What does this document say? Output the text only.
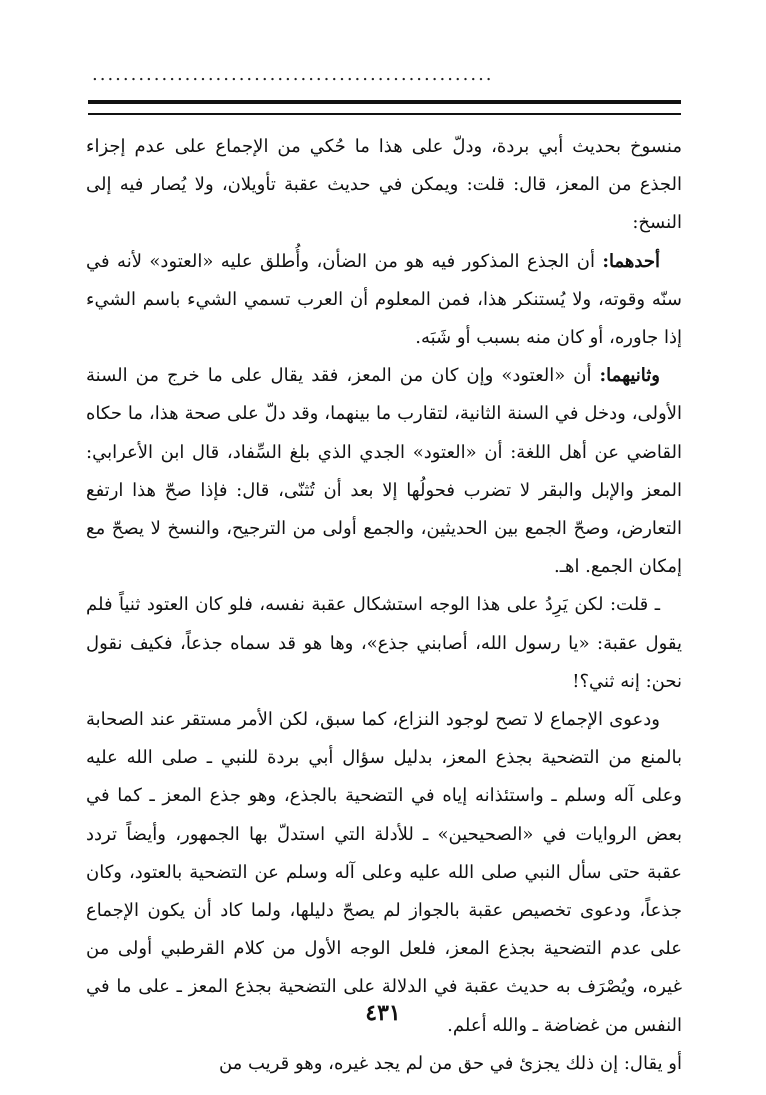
....................................................

منسوخ بحديث أبي بردة، ودلّ على هذا ما حُكي من الإجماع على عدم إجزاء الجذع من المعز، قال: قلت: ويمكن في حديث عقبة تأويلان، ولا يُصار فيه إلى النسخ:

أحدهما: أن الجذع المذكور فيه هو من الضأن، وأُطلق عليه «العتود» لأنه في سنّه وقوته، ولا يُستنكر هذا، فمن المعلوم أن العرب تسمي الشيء باسم الشيء إذا جاوره، أو كان منه بسبب أو شَبَه.

وثانيهما: أن «العتود» وإن كان من المعز، فقد يقال على ما خرج من السنة الأولى، ودخل في السنة الثانية، لتقارب ما بينهما، وقد دلّ على صحة هذا، ما حكاه القاضي عن أهل اللغة: أن «العتود» الجدي الذي بلغ السِّفاد، قال ابن الأعرابي: المعز والإبل والبقر لا تضرب فحولُها إلا بعد أن تُثنّى، قال: فإذا صحّ هذا ارتفع التعارض، وصحّ الجمع بين الحديثين، والجمع أولى من الترجيح، والنسخ لا يصحّ مع إمكان الجمع. اهـ.

ـ قلت: لكن يَرِدُ على هذا الوجه استشكال عقبة نفسه، فلو كان العتود ثنياً فلم يقول عقبة: «يا رسول الله، أصابني جذع»، وها هو قد سماه جذعاً، فكيف نقول نحن: إنه ثني؟!

ودعوى الإجماع لا تصح لوجود النزاع، كما سبق، لكن الأمر مستقر عند الصحابة بالمنع من التضحية بجذع المعز، بدليل سؤال أبي بردة للنبي ـ صلى الله عليه وعلى آله وسلم ـ واستئذانه إياه في التضحية بالجذع، وهو جذع المعز ـ كما في بعض الروايات في «الصحيحين» ـ للأدلة التي استدلّ بها الجمهور، وأيضاً تردد عقبة حتى سأل النبي صلى الله عليه وعلى آله وسلم عن التضحية بالعتود، وكان جذعاً، ودعوى تخصيص عقبة بالجواز لم يصحّ دليلها، ولما كاد أن يكون الإجماع على عدم التضحية بجذع المعز، فلعل الوجه الأول من كلام القرطبي أولى من غيره، ويُصْرَف به حديث عقبة في الدلالة على التضحية بجذع المعز ـ على ما في النفس من غضاضة ـ والله أعلم.

أو يقال: إن ذلك يجزئ في حق من لم يجد غيره، وهو قريب من

٤٣١
